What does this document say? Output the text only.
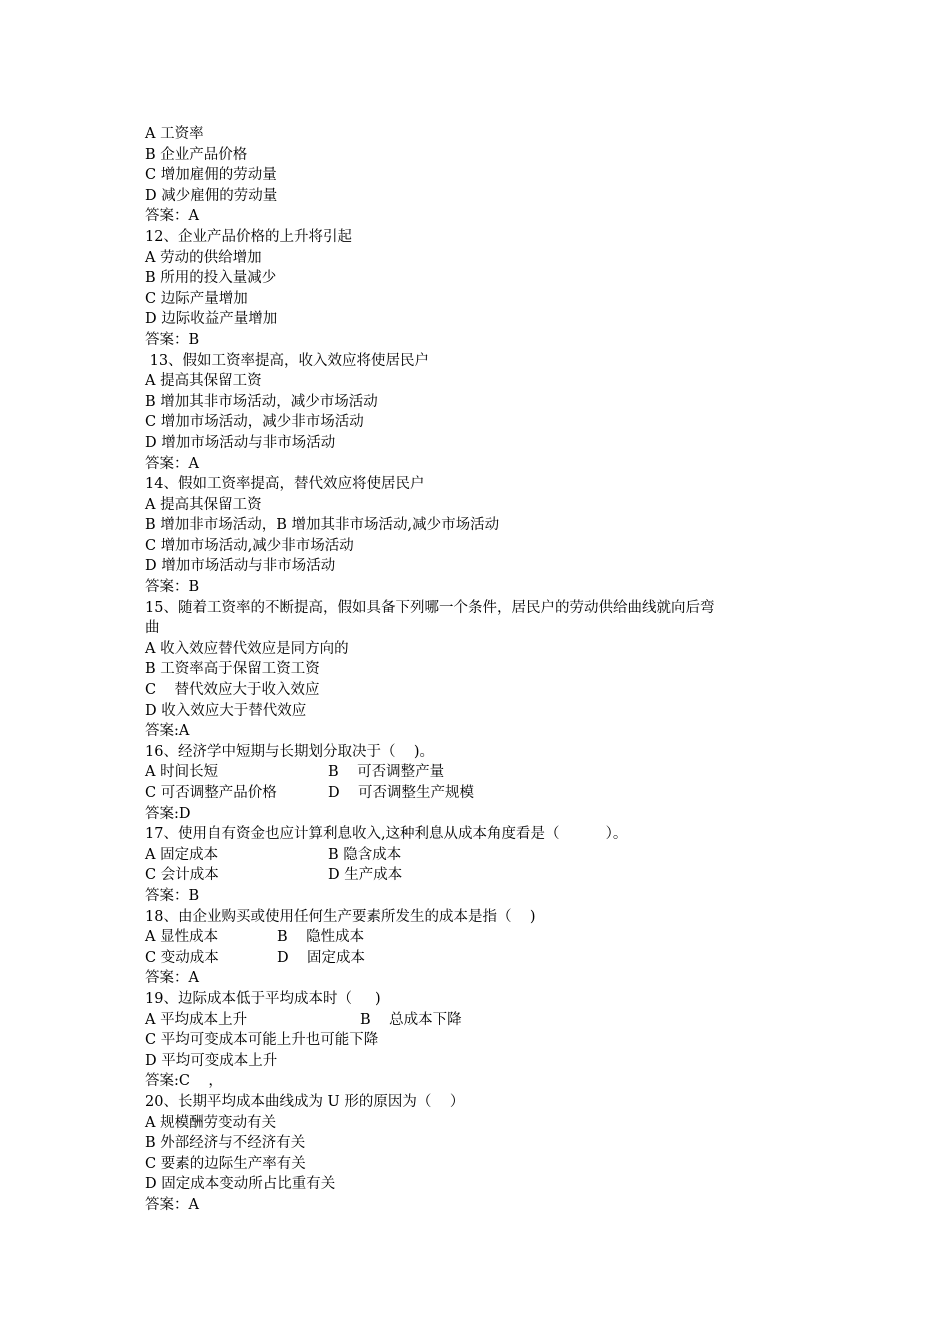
A 工资率
B 企业产品价格
C 增加雇佣的劳动量
D 减少雇佣的劳动量
答案：A
12、企业产品价格的上升将引起
A 劳动的供给增加
B 所用的投入量减少
C 边际产量增加
D 边际收益产量增加
答案：B
13、假如工资率提高，收入效应将使居民户
A 提高其保留工资
B 增加其非市场活动，减少市场活动
C 增加市场活动，减少非市场活动
D 增加市场活动与非市场活动
答案：A
14、假如工资率提高，替代效应将使居民户
A 提高其保留工资
B 增加非市场活动，B 增加其非市场活动,减少市场活动
C 增加市场活动,减少非市场活动
D 增加市场活动与非市场活动
答案：B
15、随着工资率的不断提高，假如具备下列哪一个条件，居民户的劳动供给曲线就向后弯
曲
A 收入效应替代效应是同方向的
B 工资率高于保留工资工资
C    替代效应大于收入效应
D 收入效应大于替代效应
答案:A
16、经济学中短期与长期划分取决于（    )。
A 时间长短	B    可否调整产量
C 可否调整产品价格	D    可否调整生产规模
答案:D
17、使用自有资金也应计算利息收入,这种利息从成本角度看是（          ）。
A 固定成本	B 隐含成本
C 会计成本	D 生产成本
答案：B
18、由企业购买或使用任何生产要素所发生的成本是指（    )
A 显性成本	B    隐性成本
C 变动成本	D    固定成本
答案：A
19、边际成本低于平均成本时（     )
A 平均成本上升	B    总成本下降
C 平均可变成本可能上升也可能下降
D 平均可变成本上升
答案:C    ，
20、长期平均成本曲线成为 U 形的原因为（    ）
A 规模酬劳变动有关
B 外部经济与不经济有关
C 要素的边际生产率有关
D 固定成本变动所占比重有关
答案：A
